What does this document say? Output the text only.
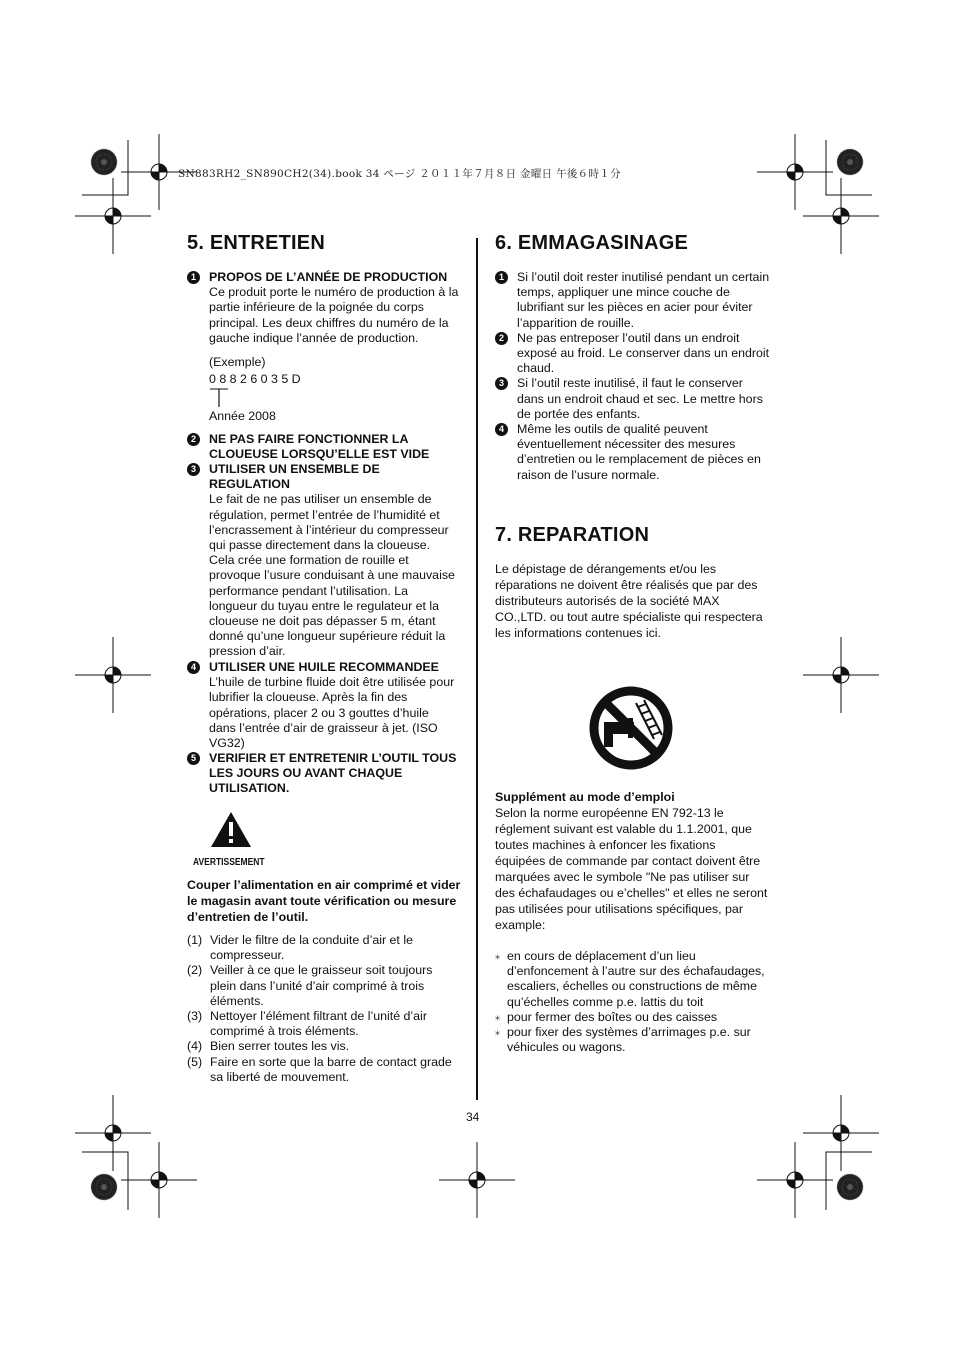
SN883RH2_SN890CH2(34).book 34 ページ ２０１１年７月８日 金曜日 午後６時１分
5. ENTRETIEN
1	PROPOS DE L’ANNÉE DE PRODUCTION
Ce produit porte le numéro de production à la partie inférieure de la poignée du corps principal. Les deux chiffres du numéro de la gauche indique l’année de production.
(Exemple)
0 8 8 2 6 0 3 5 D
Année 2008
2	NE PAS FAIRE FONCTIONNER LA CLOUEUSE LORSQU’ELLE EST VIDE
3	UTILISER UN ENSEMBLE DE REGULATION
Le fait de ne pas utiliser un ensemble de régulation, permet l’entrée de l’humidité et l’encrassement à l’intérieur du compresseur qui passe directement dans la cloueuse. Cela crée une formation de rouille et provoque l’usure conduisant à une mauvaise performance pendant l’utilisation. La longueur du tuyau entre le regulateur et la cloueuse ne doit pas dépasser 5 m, étant donné qu’une longueur supérieure réduit la pression d’air.
4	UTILISER UNE HUILE RECOMMANDEE
L’huile de turbine fluide doit être utilisée pour lubrifier la cloueuse. Après la fin des opérations, placer 2 ou 3 gouttes d’huile dans l’entrée d’air de graisseur à jet. (ISO VG32)
5	VERIFIER ET ENTRETENIR L’OUTIL TOUS LES JOURS OU AVANT CHAQUE UTILISATION.
AVERTISSEMENT
Couper l’alimentation en air comprimé et vider le magasin avant toute vérification ou mesure d’entretien de l’outil.
(1) Vider le filtre de la conduite d’air et le compresseur.
(2) Veiller à ce que le graisseur soit toujours plein dans l’unité d’air comprimé à trois éléments.
(3) Nettoyer l’élément filtrant de l’unité d’air comprimé à trois éléments.
(4) Bien serrer toutes les vis.
(5) Faire en sorte que la barre de contact grade sa liberté de mouvement.
6. EMMAGASINAGE
1	Si l’outil doit rester inutilisé pendant un certain temps, appliquer une mince couche de lubrifiant sur les pièces en acier pour éviter l’apparition de rouille.
2	Ne pas entreposer l’outil dans un endroit exposé au froid. Le conserver dans un endroit chaud.
3	Si l’outil reste inutilisé, il faut le conserver dans un endroit chaud et sec. Le mettre hors de portée des enfants.
4	Même les outils de qualité peuvent éventuellement nécessiter des mesures d’entretien ou le remplacement de pièces en raison de l’usure normale.
7. REPARATION
Le dépistage de dérangements et/ou les réparations ne doivent être réalisés que par des distributeurs autorisés de la société MAX CO.,LTD. ou tout autre spécialiste qui respectera les informations contenues ici.
Supplément au mode d’emploi
Selon la norme européenne EN 792-13 le réglement suivant est valable du 1.1.2001, que toutes machines à enfoncer les fixations équipées de commande par contact doivent être marquées avec le symbole "Ne pas utiliser sur des échafaudages ou e’chelles" et elles ne seront pas utilisées pour utilisations spécifiques, par example:
⁎ en cours de déplacement d’un lieu d’enfoncement à l’autre sur des échafaudages, escaliers, échelles ou constructions de même qu’échelles comme p.e. lattis du toit
⁎ pour fermer des boîtes ou des caisses
⁎ pour fixer des systèmes d’arrimages p.e. sur véhicules ou wagons.
34
